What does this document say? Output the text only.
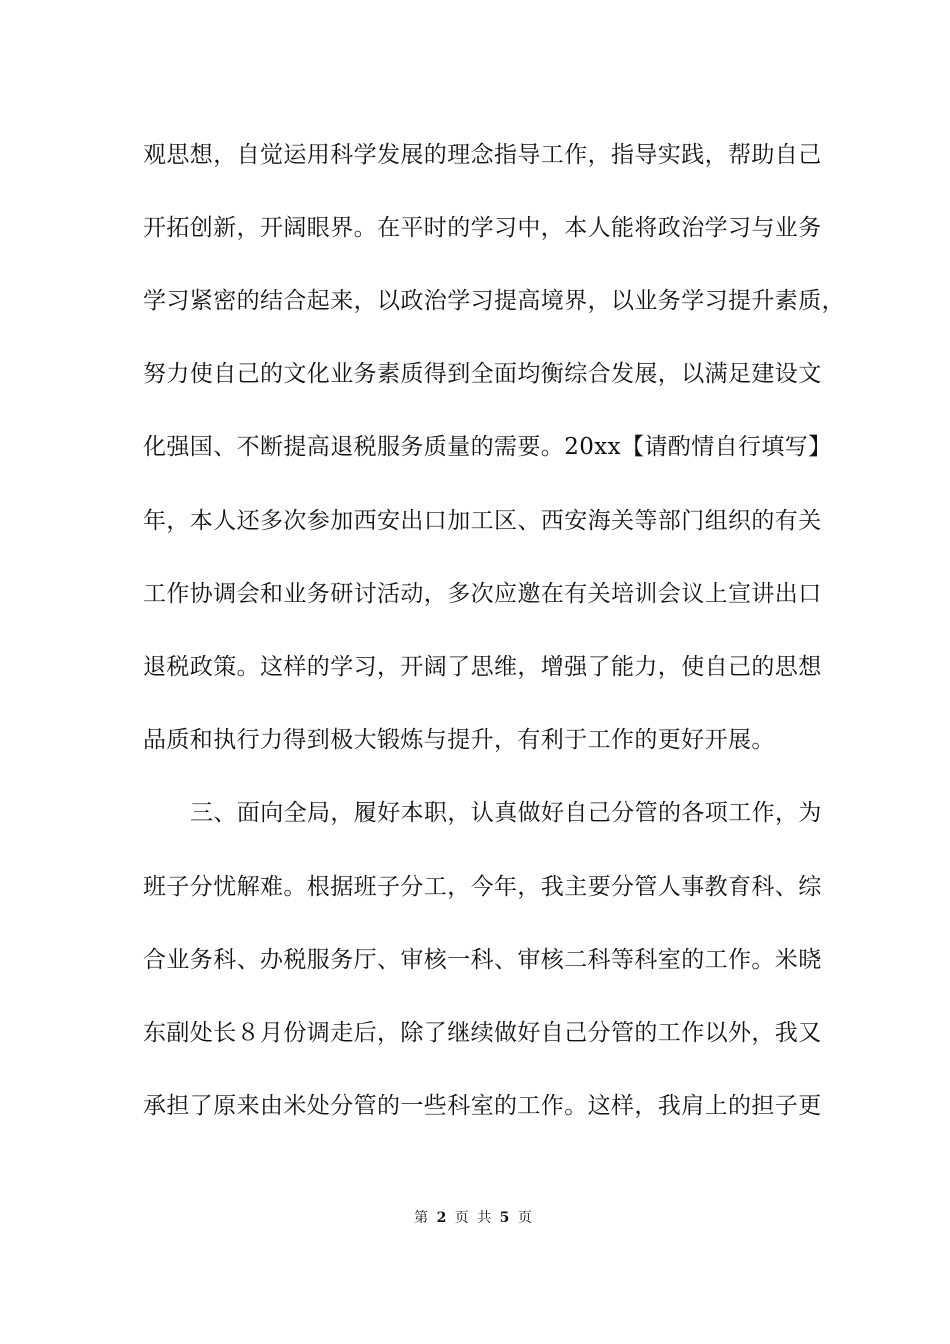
观思想，自觉运用科学发展的理念指导工作，指导实践，帮助自己
开拓创新，开阔眼界。在平时的学习中，本人能将政治学习与业务
学习紧密的结合起来，以政治学习提高境界，以业务学习提升素质，
努力使自己的文化业务素质得到全面均衡综合发展，以满足建设文
化强国、不断提高退税服务质量的需要。20xx【请酌情自行填写】
年，本人还多次参加西安出口加工区、西安海关等部门组织的有关
工作协调会和业务研讨活动，多次应邀在有关培训会议上宣讲出口
退税政策。这样的学习，开阔了思维，增强了能力，使自己的思想
品质和执行力得到极大锻炼与提升，有利于工作的更好开展。
三、面向全局，履好本职，认真做好自己分管的各项工作，为
班子分忧解难。根据班子分工，今年，我主要分管人事教育科、综
合业务科、办税服务厅、审核一科、审核二科等科室的工作。米晓
东副处长８月份调走后，除了继续做好自己分管的工作以外，我又
承担了原来由米处分管的一些科室的工作。这样，我肩上的担子更
第 2 页 共 5 页
